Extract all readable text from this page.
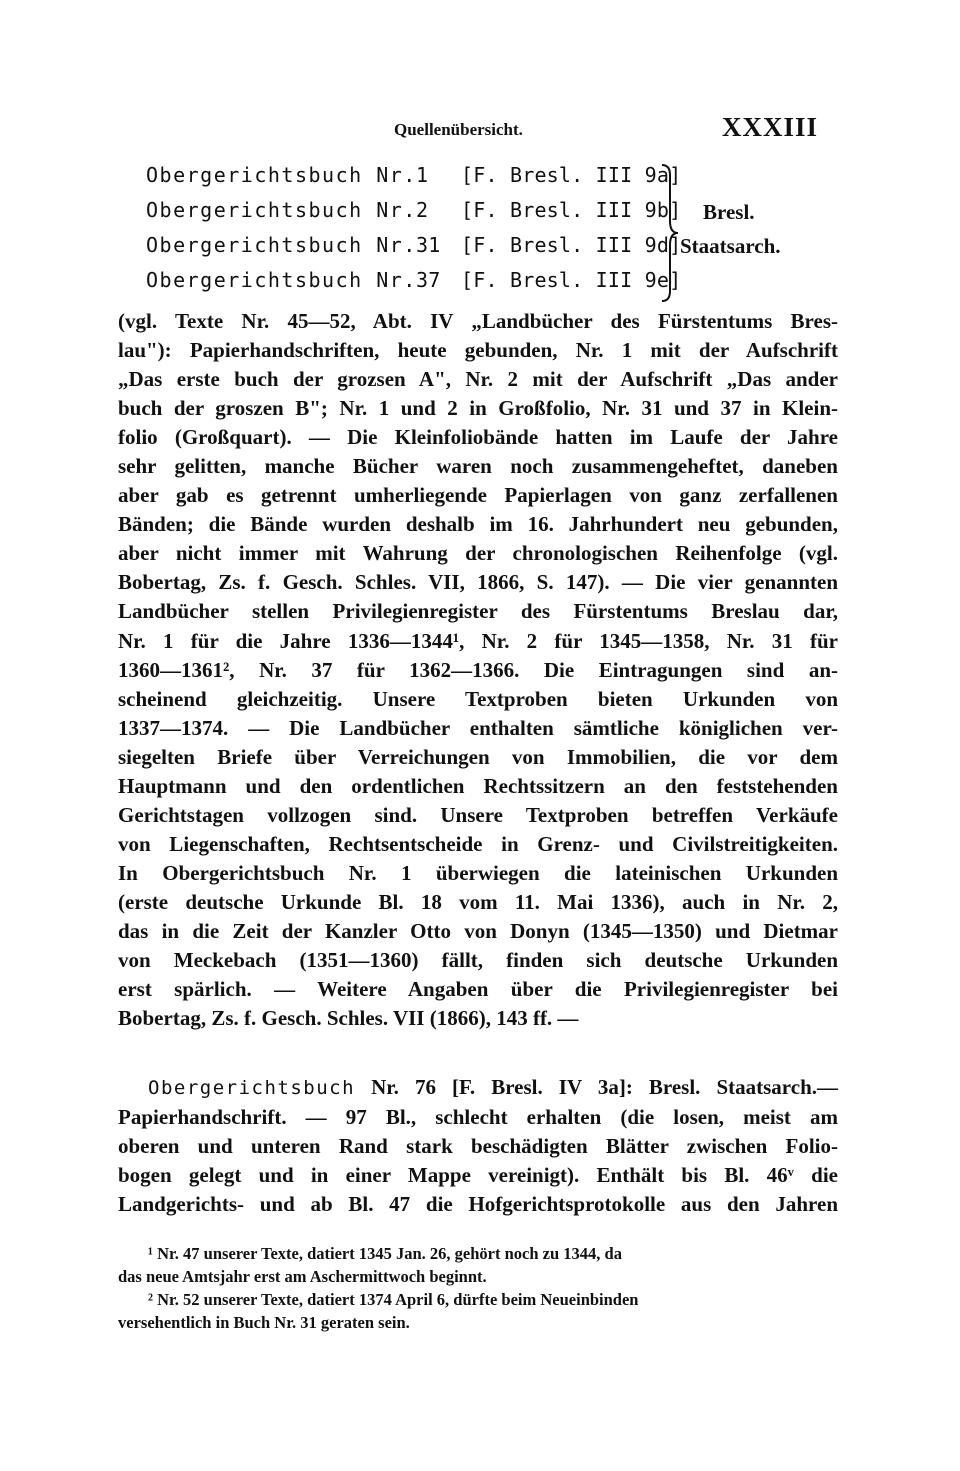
Quellenübersicht.	XXXIII
Obergerichtsbuch Nr.1 [F. Bresl. III 9a]
Obergerichtsbuch Nr.2 [F. Bresl. III 9b]
Obergerichtsbuch Nr.31 [F. Bresl. III 9d]
Obergerichtsbuch Nr.37 [F. Bresl. III 9e]
Bresl.
Staatsarch.
(vgl. Texte Nr. 45—52, Abt. IV „Landbücher des Fürstentums Bres-
lau"): Papierhandschriften, heute gebunden, Nr. 1 mit der Aufschrift
„Das erste buch der grozsen A", Nr. 2 mit der Aufschrift „Das ander
buch der groszen B"; Nr. 1 und 2 in Großfolio, Nr. 31 und 37 in Klein-
folio (Großquart). — Die Kleinfoliobände hatten im Laufe der Jahre
sehr gelitten, manche Bücher waren noch zusammengeheftet, daneben
aber gab es getrennt umherliegende Papierlagen von ganz zerfallenen
Bänden; die Bände wurden deshalb im 16. Jahrhundert neu gebunden,
aber nicht immer mit Wahrung der chronologischen Reihenfolge (vgl.
Bobertag, Zs. f. Gesch. Schles. VII, 1866, S. 147). — Die vier genannten
Landbücher stellen Privilegienregister des Fürstentums Breslau dar,
Nr. 1 für die Jahre 1336—1344¹, Nr. 2 für 1345—1358, Nr. 31 für
1360—1361², Nr. 37 für 1362—1366. Die Eintragungen sind an-
scheinend gleichzeitig. Unsere Textproben bieten Urkunden von
1337—1374. — Die Landbücher enthalten sämtliche königlichen ver-
siegelten Briefe über Verreichungen von Immobilien, die vor dem
Hauptmann und den ordentlichen Rechtssitzern an den feststehenden
Gerichtstagen vollzogen sind. Unsere Textproben betreffen Verkäufe
von Liegenschaften, Rechtsentscheide in Grenz- und Civilstreitigkeiten.
In Obergerichtsbuch Nr. 1 überwiegen die lateinischen Urkunden
(erste deutsche Urkunde Bl. 18 vom 11. Mai 1336), auch in Nr. 2,
das in die Zeit der Kanzler Otto von Donyn (1345—1350) und Dietmar
von Meckebach (1351—1360) fällt, finden sich deutsche Urkunden
erst spärlich. — Weitere Angaben über die Privilegienregister bei
Bobertag, Zs. f. Gesch. Schles. VII (1866), 143 ff. —
Obergerichtsbuch Nr. 76 [F. Bresl. IV 3a]: Bresl. Staatsarch.—
Papierhandschrift. — 97 Bl., schlecht erhalten (die losen, meist am
oberen und unteren Rand stark beschädigten Blätter zwischen Folio-
bogen gelegt und in einer Mappe vereinigt). Enthält bis Bl. 46ᵛ die
Landgerichts- und ab Bl. 47 die Hofgerichtsprotokolle aus den Jahren
¹ Nr. 47 unserer Texte, datiert 1345 Jan. 26, gehört noch zu 1344, da
das neue Amtsjahr erst am Aschermittwoch beginnt.
² Nr. 52 unserer Texte, datiert 1374 April 6, dürfte beim Neueinbinden
versehentlich in Buch Nr. 31 geraten sein.
